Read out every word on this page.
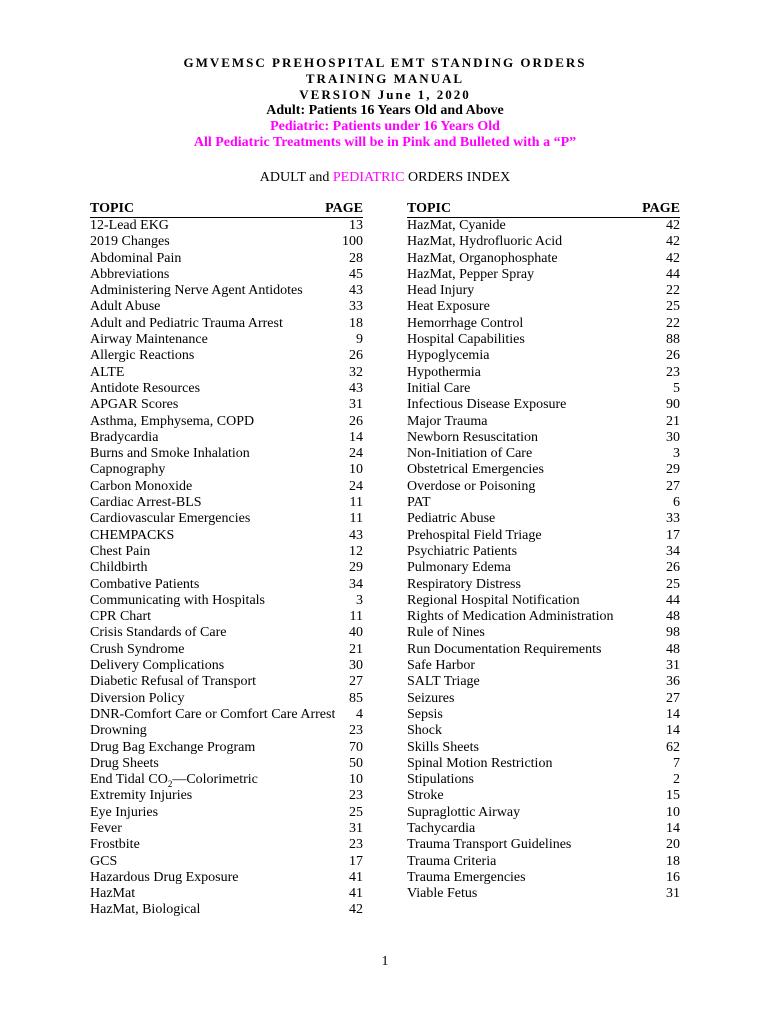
GMVEMSC PREHOSPITAL EMT STANDING ORDERS
TRAINING MANUAL
VERSION June 1, 2020
Adult: Patients 16 Years Old and Above
Pediatric: Patients under 16 Years Old
All Pediatric Treatments will be in Pink and Bulleted with a “P”
ADULT and PEDIATRIC ORDERS INDEX
TOPIC	PAGE
12-Lead EKG	13
2019 Changes	100
Abdominal Pain	28
Abbreviations	45
Administering Nerve Agent Antidotes	43
Adult Abuse	33
Adult and Pediatric Trauma Arrest	18
Airway Maintenance	9
Allergic Reactions	26
ALTE	32
Antidote Resources	43
APGAR Scores	31
Asthma, Emphysema, COPD	26
Bradycardia	14
Burns and Smoke Inhalation	24
Capnography	10
Carbon Monoxide	24
Cardiac Arrest-BLS	11
Cardiovascular Emergencies	11
CHEMPACKS	43
Chest Pain	12
Childbirth	29
Combative Patients	34
Communicating with Hospitals	3
CPR Chart	11
Crisis Standards of Care	40
Crush Syndrome	21
Delivery Complications	30
Diabetic Refusal of Transport	27
Diversion Policy	85
DNR-Comfort Care or Comfort Care Arrest	4
Drowning	23
Drug Bag Exchange Program	70
Drug Sheets	50
End Tidal $CO_2—Colorimetric$	10
Extremity Injuries	23
Eye Injuries	25
Fever	31
Frostbite	23
GCS	17
Hazardous Drug Exposure	41
HazMat	41
HazMat, Biological	42
TOPIC	PAGE
HazMat, Cyanide	42
HazMat, Hydrofluoric Acid	42
HazMat, Organophosphate	42
HazMat, Pepper Spray	44
Head Injury	22
Heat Exposure	25
Hemorrhage Control	22
Hospital Capabilities	88
Hypoglycemia	26
Hypothermia	23
Initial Care	5
Infectious Disease Exposure	90
Major Trauma	21
Newborn Resuscitation	30
Non-Initiation of Care	3
Obstetrical Emergencies	29
Overdose or Poisoning	27
PAT	6
Pediatric Abuse	33
Prehospital Field Triage	17
Psychiatric Patients	34
Pulmonary Edema	26
Respiratory Distress	25
Regional Hospital Notification	44
Rights of Medication Administration	48
Rule of Nines	98
Run Documentation Requirements	48
Safe Harbor	31
SALT Triage	36
Seizures	27
Sepsis	14
Shock	14
Skills Sheets	62
Spinal Motion Restriction	7
Stipulations	2
Stroke	15
Supraglottic Airway	10
Tachycardia	14
Trauma Transport Guidelines	20
Trauma Criteria	18
Trauma Emergencies	16
Viable Fetus	31
1
